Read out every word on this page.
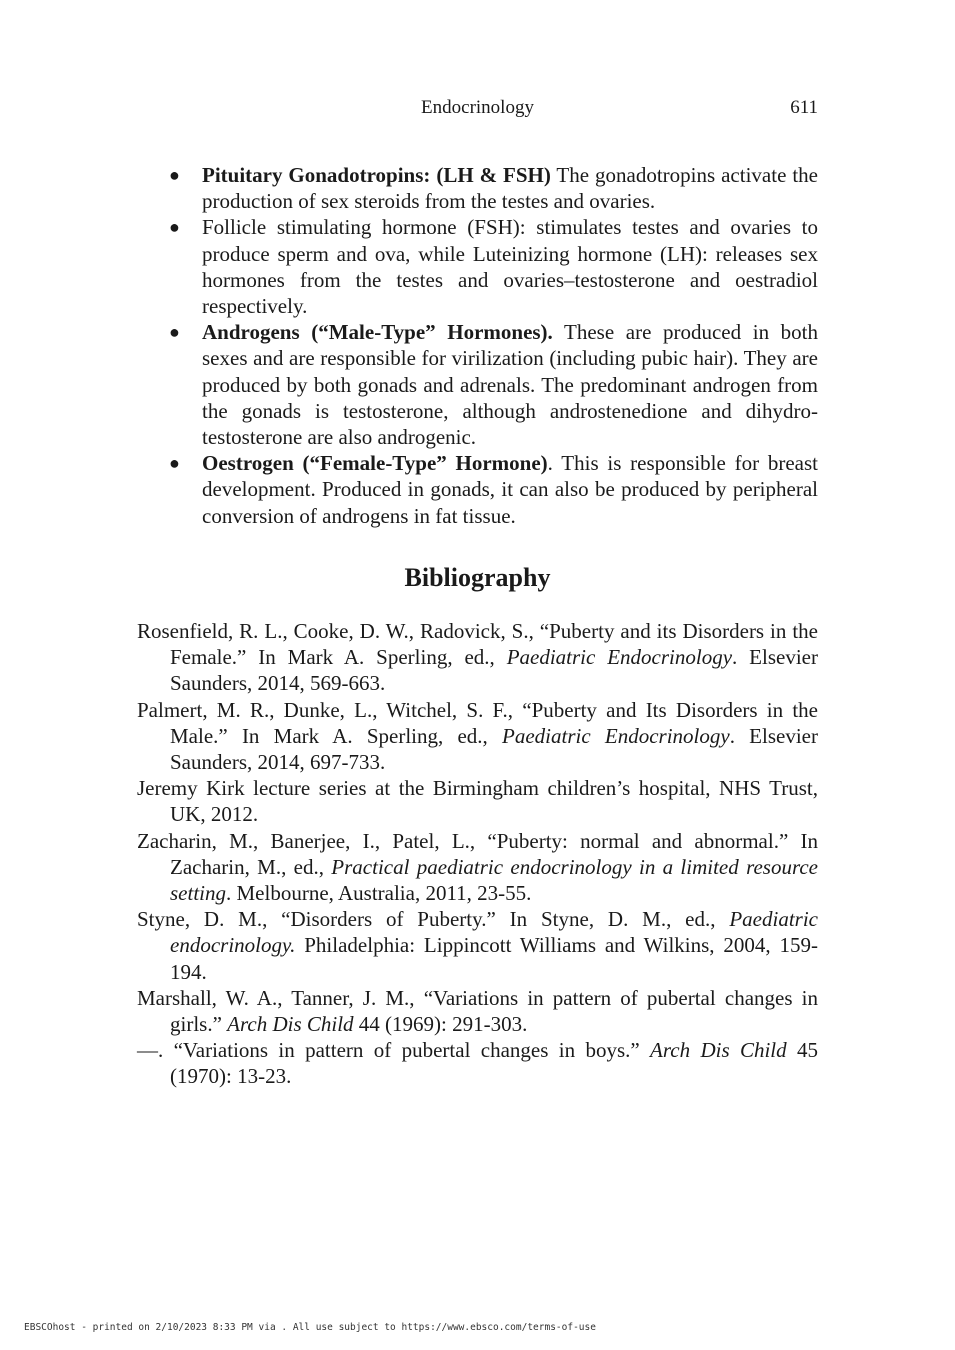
Endocrinology	611
● Pituitary Gonadotropins: (LH & FSH) The gonadotropins activate the production of sex steroids from the testes and ovaries.
● Follicle stimulating hormone (FSH): stimulates testes and ovaries to produce sperm and ova, while Luteinizing hormone (LH): releases sex hormones from the testes and ovaries–testosterone and oestradiol respectively.
● Androgens (“Male-Type” Hormones). These are produced in both sexes and are responsible for virilization (including pubic hair). They are produced by both gonads and adrenals. The predominant androgen from the gonads is testosterone, although androstenedione and dihydro-testosterone are also androgenic.
● Oestrogen (“Female-Type” Hormone). This is responsible for breast development. Produced in gonads, it can also be produced by peripheral conversion of androgens in fat tissue.
Bibliography
Rosenfield, R. L., Cooke, D. W., Radovick, S., “Puberty and its Disorders in the Female.” In Mark A. Sperling, ed., Paediatric Endocrinology. Elsevier Saunders, 2014, 569-663.
Palmert, M. R., Dunke, L., Witchel, S. F., “Puberty and Its Disorders in the Male.” In Mark A. Sperling, ed., Paediatric Endocrinology. Elsevier Saunders, 2014, 697-733.
Jeremy Kirk lecture series at the Birmingham children’s hospital, NHS Trust, UK, 2012.
Zacharin, M., Banerjee, I., Patel, L., “Puberty: normal and abnormal.” In Zacharin, M., ed., Practical paediatric endocrinology in a limited resource setting. Melbourne, Australia, 2011, 23-55.
Styne, D. M., “Disorders of Puberty.” In Styne, D. M., ed., Paediatric endocrinology. Philadelphia: Lippincott Williams and Wilkins, 2004, 159-194.
Marshall, W. A., Tanner, J. M., “Variations in pattern of pubertal changes in girls.” Arch Dis Child 44 (1969): 291-303.
—. “Variations in pattern of pubertal changes in boys.” Arch Dis Child 45 (1970): 13-23.
EBSCOhost - printed on 2/10/2023 8:33 PM via . All use subject to https://www.ebsco.com/terms-of-use
